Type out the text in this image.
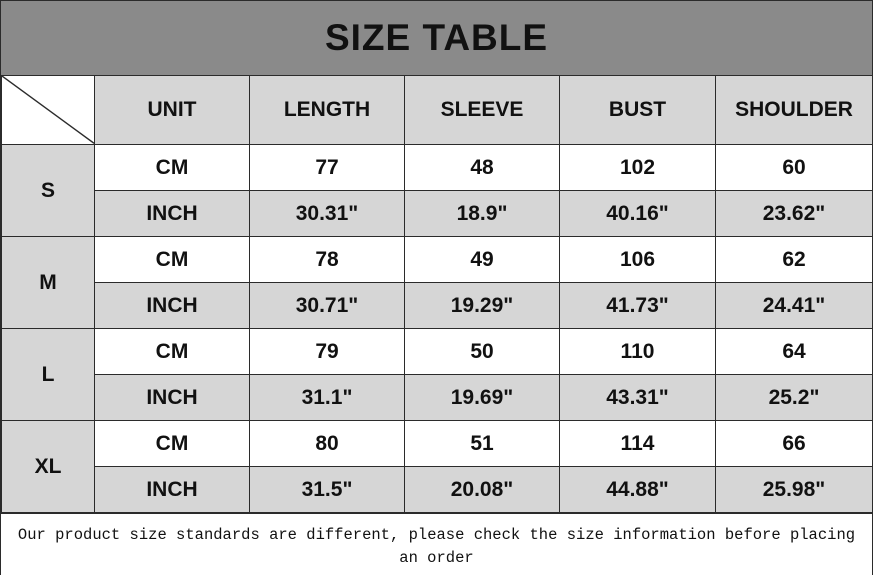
SIZE TABLE
	UNIT	LENGTH	SLEEVE	BUST	SHOULDER
S	CM	77	48	102	60
	INCH	30.31"	18.9"	40.16"	23.62"
M	CM	78	49	106	62
	INCH	30.71"	19.29"	41.73"	24.41"
L	CM	79	50	110	64
	INCH	31.1"	19.69"	43.31"	25.2"
XL	CM	80	51	114	66
	INCH	31.5"	20.08"	44.88"	25.98"
Our product size standards are different, please check the size information before placing an order
